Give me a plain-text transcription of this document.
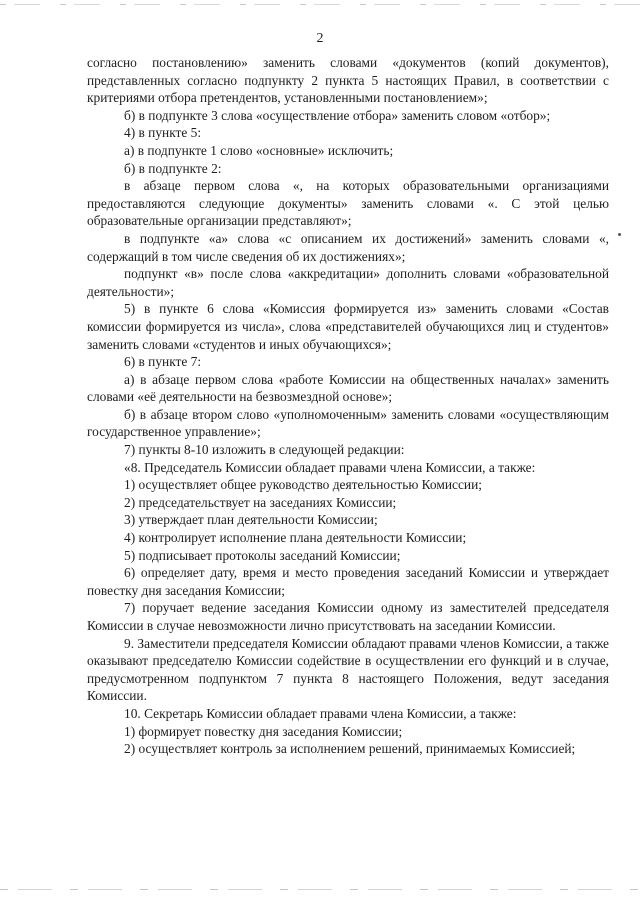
2

согласно постановлению» заменить словами «документов (копий документов), представленных согласно подпункту 2 пункта 5 настоящих Правил, в соответствии с критериями отбора претендентов, установленными постановлением»;

б) в подпункте 3 слова «осуществление отбора» заменить словом «отбор»;

4) в пункте 5:

а) в подпункте 1 слово «основные» исключить;

б) в подпункте 2:

в абзаце первом слова «, на которых образовательными организациями предоставляются следующие документы» заменить словами «. С этой целью образовательные организации представляют»;

в подпункте «а» слова «с описанием их достижений» заменить словами «, содержащий в том числе сведения об их достижениях»;

подпункт «в» после слова «аккредитации» дополнить словами «образовательной деятельности»;

5) в пункте 6 слова «Комиссия формируется из» заменить словами «Состав комиссии формируется из числа», слова «представителей обучающихся лиц и студентов» заменить словами «студентов и иных обучающихся»;

6) в пункте 7:

а) в абзаце первом слова «работе Комиссии на общественных началах» заменить словами «её деятельности на безвозмездной основе»;

б) в абзаце втором слово «уполномоченным» заменить словами «осуществляющим государственное управление»;

7) пункты 8-10 изложить в следующей редакции:

«8. Председатель Комиссии обладает правами члена Комиссии, а также:

1) осуществляет общее руководство деятельностью Комиссии;

2) председательствует на заседаниях Комиссии;

3) утверждает план деятельности Комиссии;

4) контролирует исполнение плана деятельности Комиссии;

5) подписывает протоколы заседаний Комиссии;

6) определяет дату, время и место проведения заседаний Комиссии и утверждает повестку дня заседания Комиссии;

7) поручает ведение заседания Комиссии одному из заместителей председателя Комиссии в случае невозможности лично присутствовать на заседании Комиссии.

9. Заместители председателя Комиссии обладают правами членов Комиссии, а также оказывают председателю Комиссии содействие в осуществлении его функций и в случае, предусмотренном подпунктом 7 пункта 8 настоящего Положения, ведут заседания Комиссии.

10. Секретарь Комиссии обладает правами члена Комиссии, а также:

1) формирует повестку дня заседания Комиссии;

2) осуществляет контроль за исполнением решений, принимаемых Комиссией;
